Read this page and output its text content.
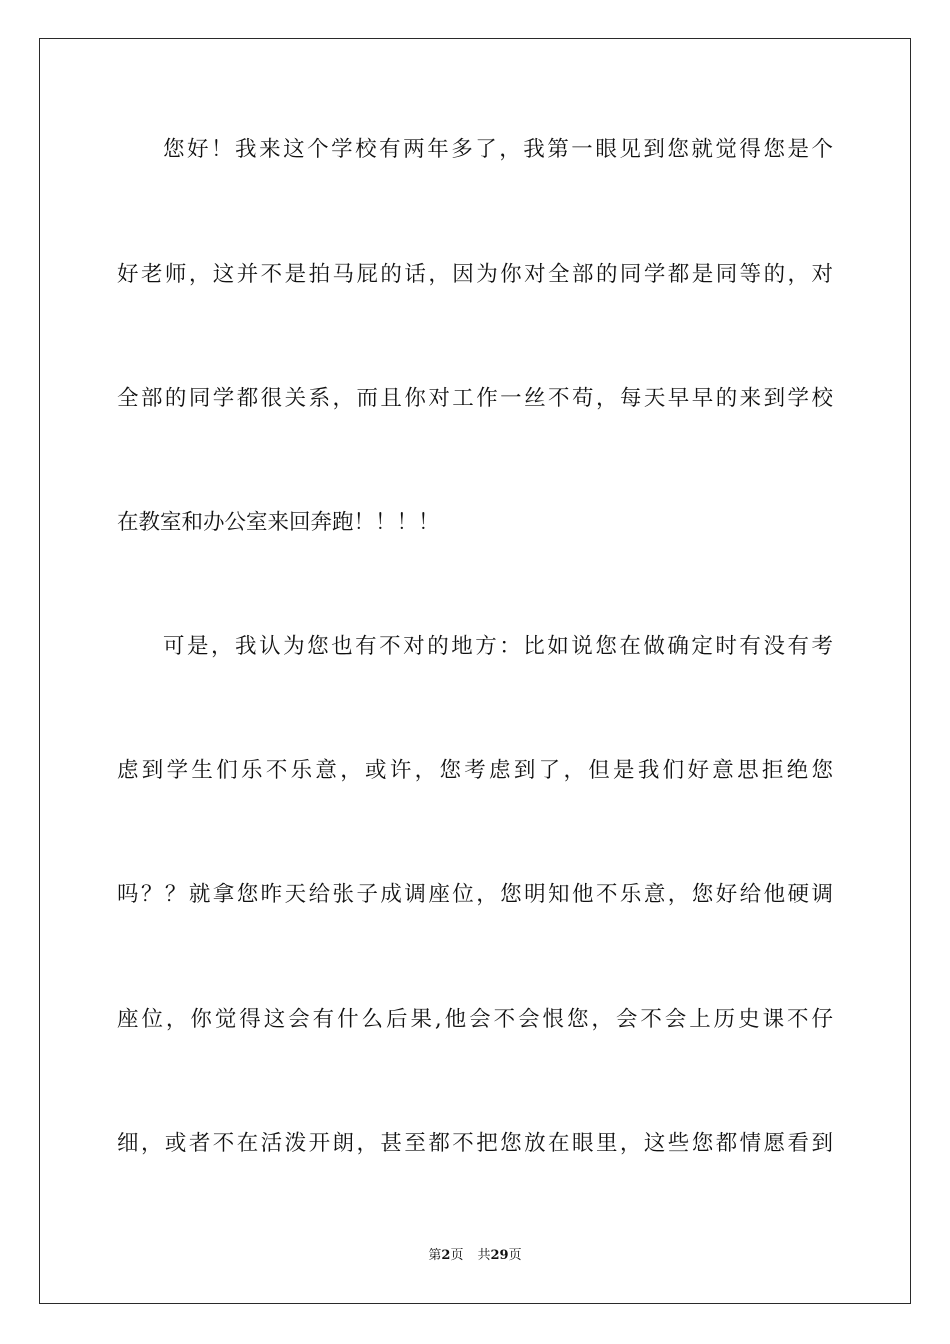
您好！我来这个学校有两年多了，我第一眼见到您就觉得您是个
好老师，这并不是拍马屁的话，因为你对全部的同学都是同等的，对
全部的同学都很关系，而且你对工作一丝不苟，每天早早的来到学校
在教室和办公室来回奔跑！！！！
可是，我认为您也有不对的地方：比如说您在做确定时有没有考
虑到学生们乐不乐意，或许，您考虑到了，但是我们好意思拒绝您
吗？？就拿您昨天给张子成调座位，您明知他不乐意，您好给他硬调
座位，你觉得这会有什么后果,他会不会恨您，会不会上历史课不仔
细，或者不在活泼开朗，甚至都不把您放在眼里，这些您都情愿看到
第2页 共29页
